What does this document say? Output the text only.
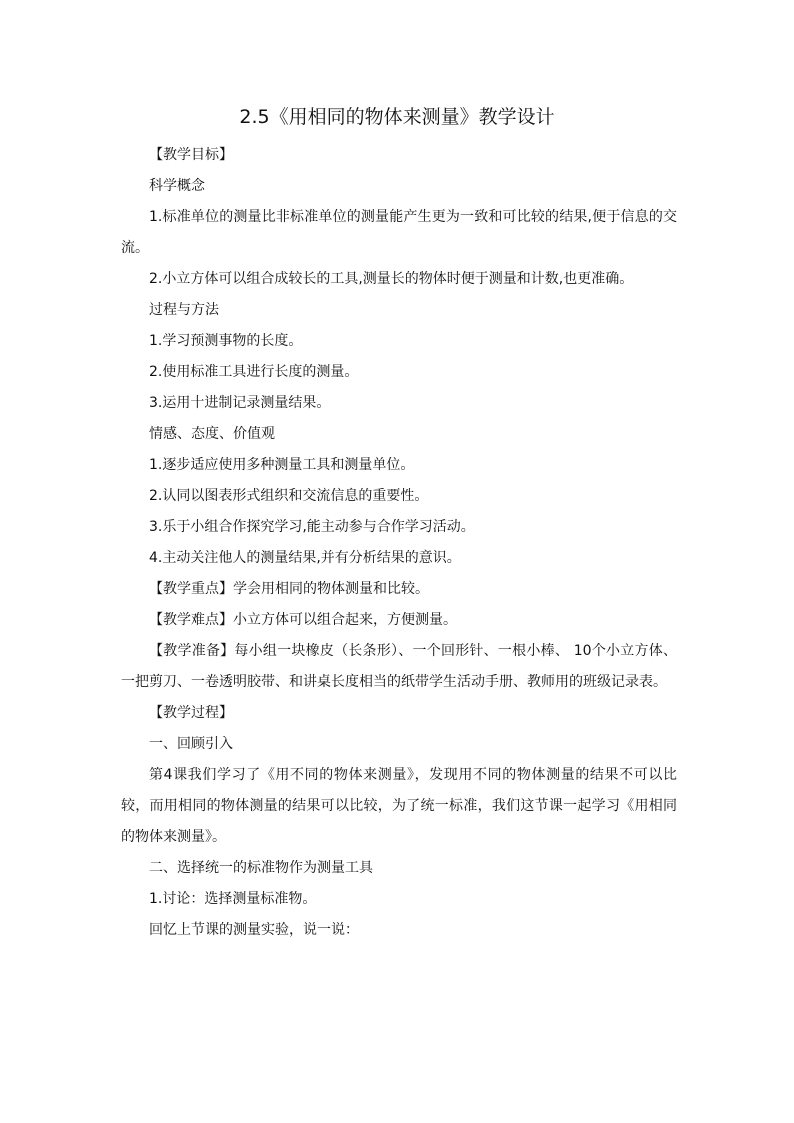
2.5《用相同的物体来测量》教学设计

【教学目标】

科学概念

1.标准单位的测量比非标准单位的测量能产生更为一致和可比较的结果,便于信息的交流。

2.小立方体可以组合成较长的工具,测量长的物体时便于测量和计数,也更准确。

过程与方法

1.学习预测事物的长度。

2.使用标准工具进行长度的测量。

3.运用十进制记录测量结果。

情感、态度、价值观

1.逐步适应使用多种测量工具和测量单位。

2.认同以图表形式组织和交流信息的重要性。

3.乐于小组合作探究学习,能主动参与合作学习活动。

4.主动关注他人的测量结果,并有分析结果的意识。

【教学重点】学会用相同的物体测量和比较。

【教学难点】小立方体可以组合起来，方便测量。

【教学准备】每小组一块橡皮（长条形）、一个回形针、一根小棒、 10个小立方体、一把剪刀、一卷透明胶带、和讲桌长度相当的纸带学生活动手册、教师用的班级记录表。

【教学过程】

一、回顾引入

第4课我们学习了《用不同的物体来测量》，发现用不同的物体测量的结果不可以比较，而用相同的物体测量的结果可以比较，为了统一标准，我们这节课一起学习《用相同的物体来测量》。

二、选择统一的标准物作为测量工具

1.讨论：选择测量标准物。

回忆上节课的测量实验，说一说：
